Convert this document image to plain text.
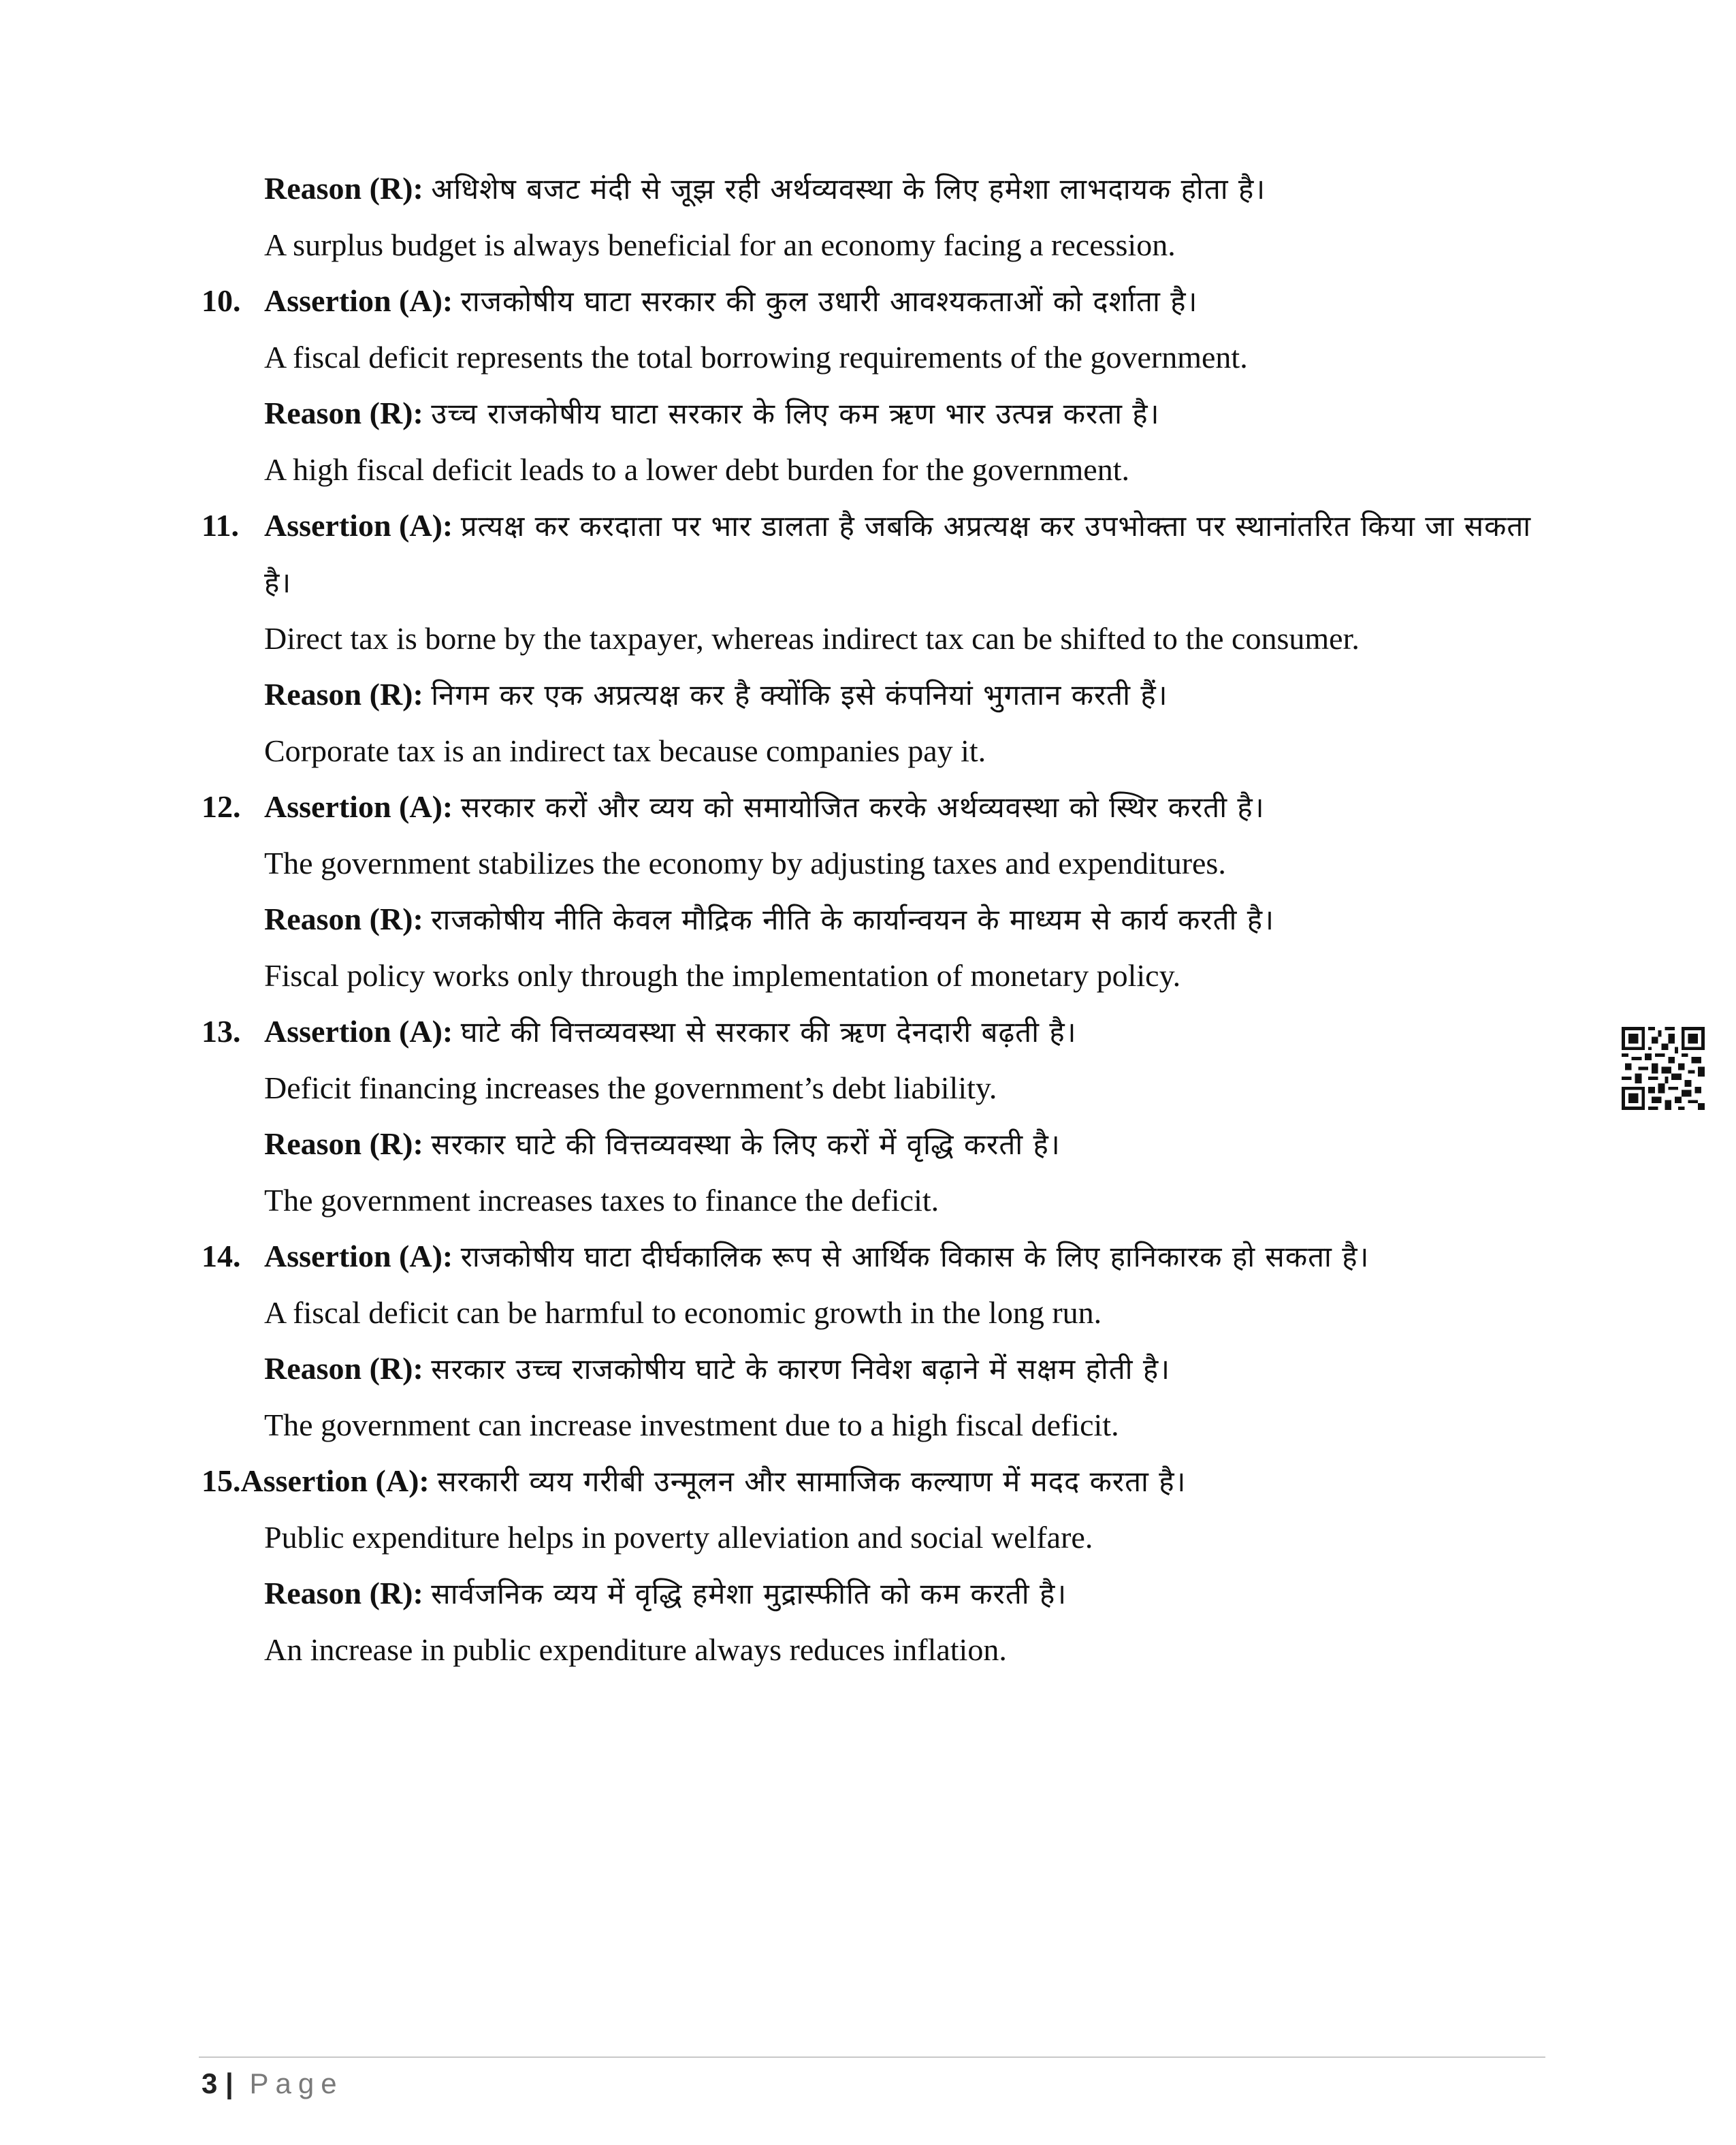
Reason (R): अधिशेष बजट मंदी से जूझ रही अर्थव्यवस्था के लिए हमेशा लाभदायक होता है।
A surplus budget is always beneficial for an economy facing a recession.
10. Assertion (A): राजकोषीय घाटा सरकार की कुल उधारी आवश्यकताओं को दर्शाता है।
A fiscal deficit represents the total borrowing requirements of the government.
Reason (R): उच्च राजकोषीय घाटा सरकार के लिए कम ऋण भार उत्पन्न करता है।
A high fiscal deficit leads to a lower debt burden for the government.
11. Assertion (A): प्रत्यक्ष कर करदाता पर भार डालता है जबकि अप्रत्यक्ष कर उपभोक्ता पर स्थानांतरित किया जा सकता है।
Direct tax is borne by the taxpayer, whereas indirect tax can be shifted to the consumer.
Reason (R): निगम कर एक अप्रत्यक्ष कर है क्योंकि इसे कंपनियां भुगतान करती हैं।
Corporate tax is an indirect tax because companies pay it.
12. Assertion (A): सरकार करों और व्यय को समायोजित करके अर्थव्यवस्था को स्थिर करती है।
The government stabilizes the economy by adjusting taxes and expenditures.
Reason (R): राजकोषीय नीति केवल मौद्रिक नीति के कार्यान्वयन के माध्यम से कार्य करती है।
Fiscal policy works only through the implementation of monetary policy.
13. Assertion (A): घाटे की वित्तव्यवस्था से सरकार की ऋण देनदारी बढ़ती है।
Deficit financing increases the government’s debt liability.
Reason (R): सरकार घाटे की वित्तव्यवस्था के लिए करों में वृद्धि करती है।
The government increases taxes to finance the deficit.
14. Assertion (A): राजकोषीय घाटा दीर्घकालिक रूप से आर्थिक विकास के लिए हानिकारक हो सकता है।
A fiscal deficit can be harmful to economic growth in the long run.
Reason (R): सरकार उच्च राजकोषीय घाटे के कारण निवेश बढ़ाने में सक्षम होती है।
The government can increase investment due to a high fiscal deficit.
15.Assertion (A): सरकारी व्यय गरीबी उन्मूलन और सामाजिक कल्याण में मदद करता है।
Public expenditure helps in poverty alleviation and social welfare.
Reason (R): सार्वजनिक व्यय में वृद्धि हमेशा मुद्रास्फीति को कम करती है।
An increase in public expenditure always reduces inflation.
3 | Page
